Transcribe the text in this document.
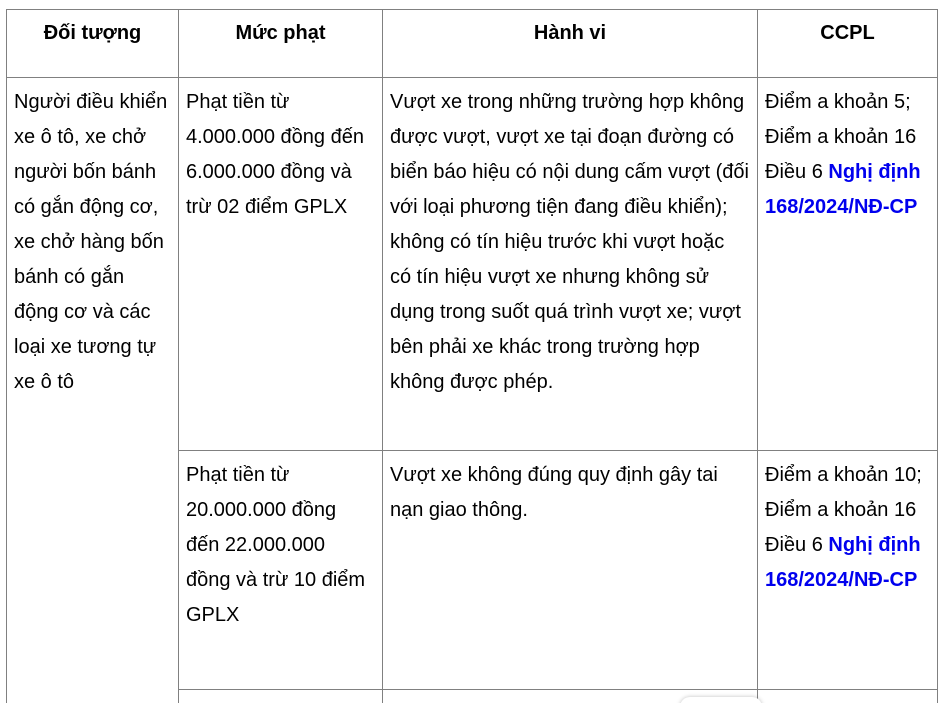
Đối tượng	Mức phạt	Hành vi	CCPL

Người điều khiển xe ô tô, xe chở người bốn bánh có gắn động cơ, xe chở hàng bốn bánh có gắn động cơ và các loại xe tương tự xe ô tô	Phạt tiền từ 4.000.000 đồng đến 6.000.000 đồng và trừ 02 điểm GPLX	Vượt xe trong những trường hợp không được vượt, vượt xe tại đoạn đường có biển báo hiệu có nội dung cấm vượt (đối với loại phương tiện đang điều khiển); không có tín hiệu trước khi vượt hoặc có tín hiệu vượt xe nhưng không sử dụng trong suốt quá trình vượt xe; vượt bên phải xe khác trong trường hợp không được phép.	Điểm a khoản 5; Điểm a khoản 16 Điều 6 Nghị định 168/2024/NĐ-CP

	Phạt tiền từ 20.000.000 đồng đến 22.000.000 đồng và trừ 10 điểm GPLX	Vượt xe không đúng quy định gây tai nạn giao thông.	Điểm a khoản 10; Điểm a khoản 16 Điều 6 Nghị định 168/2024/NĐ-CP
